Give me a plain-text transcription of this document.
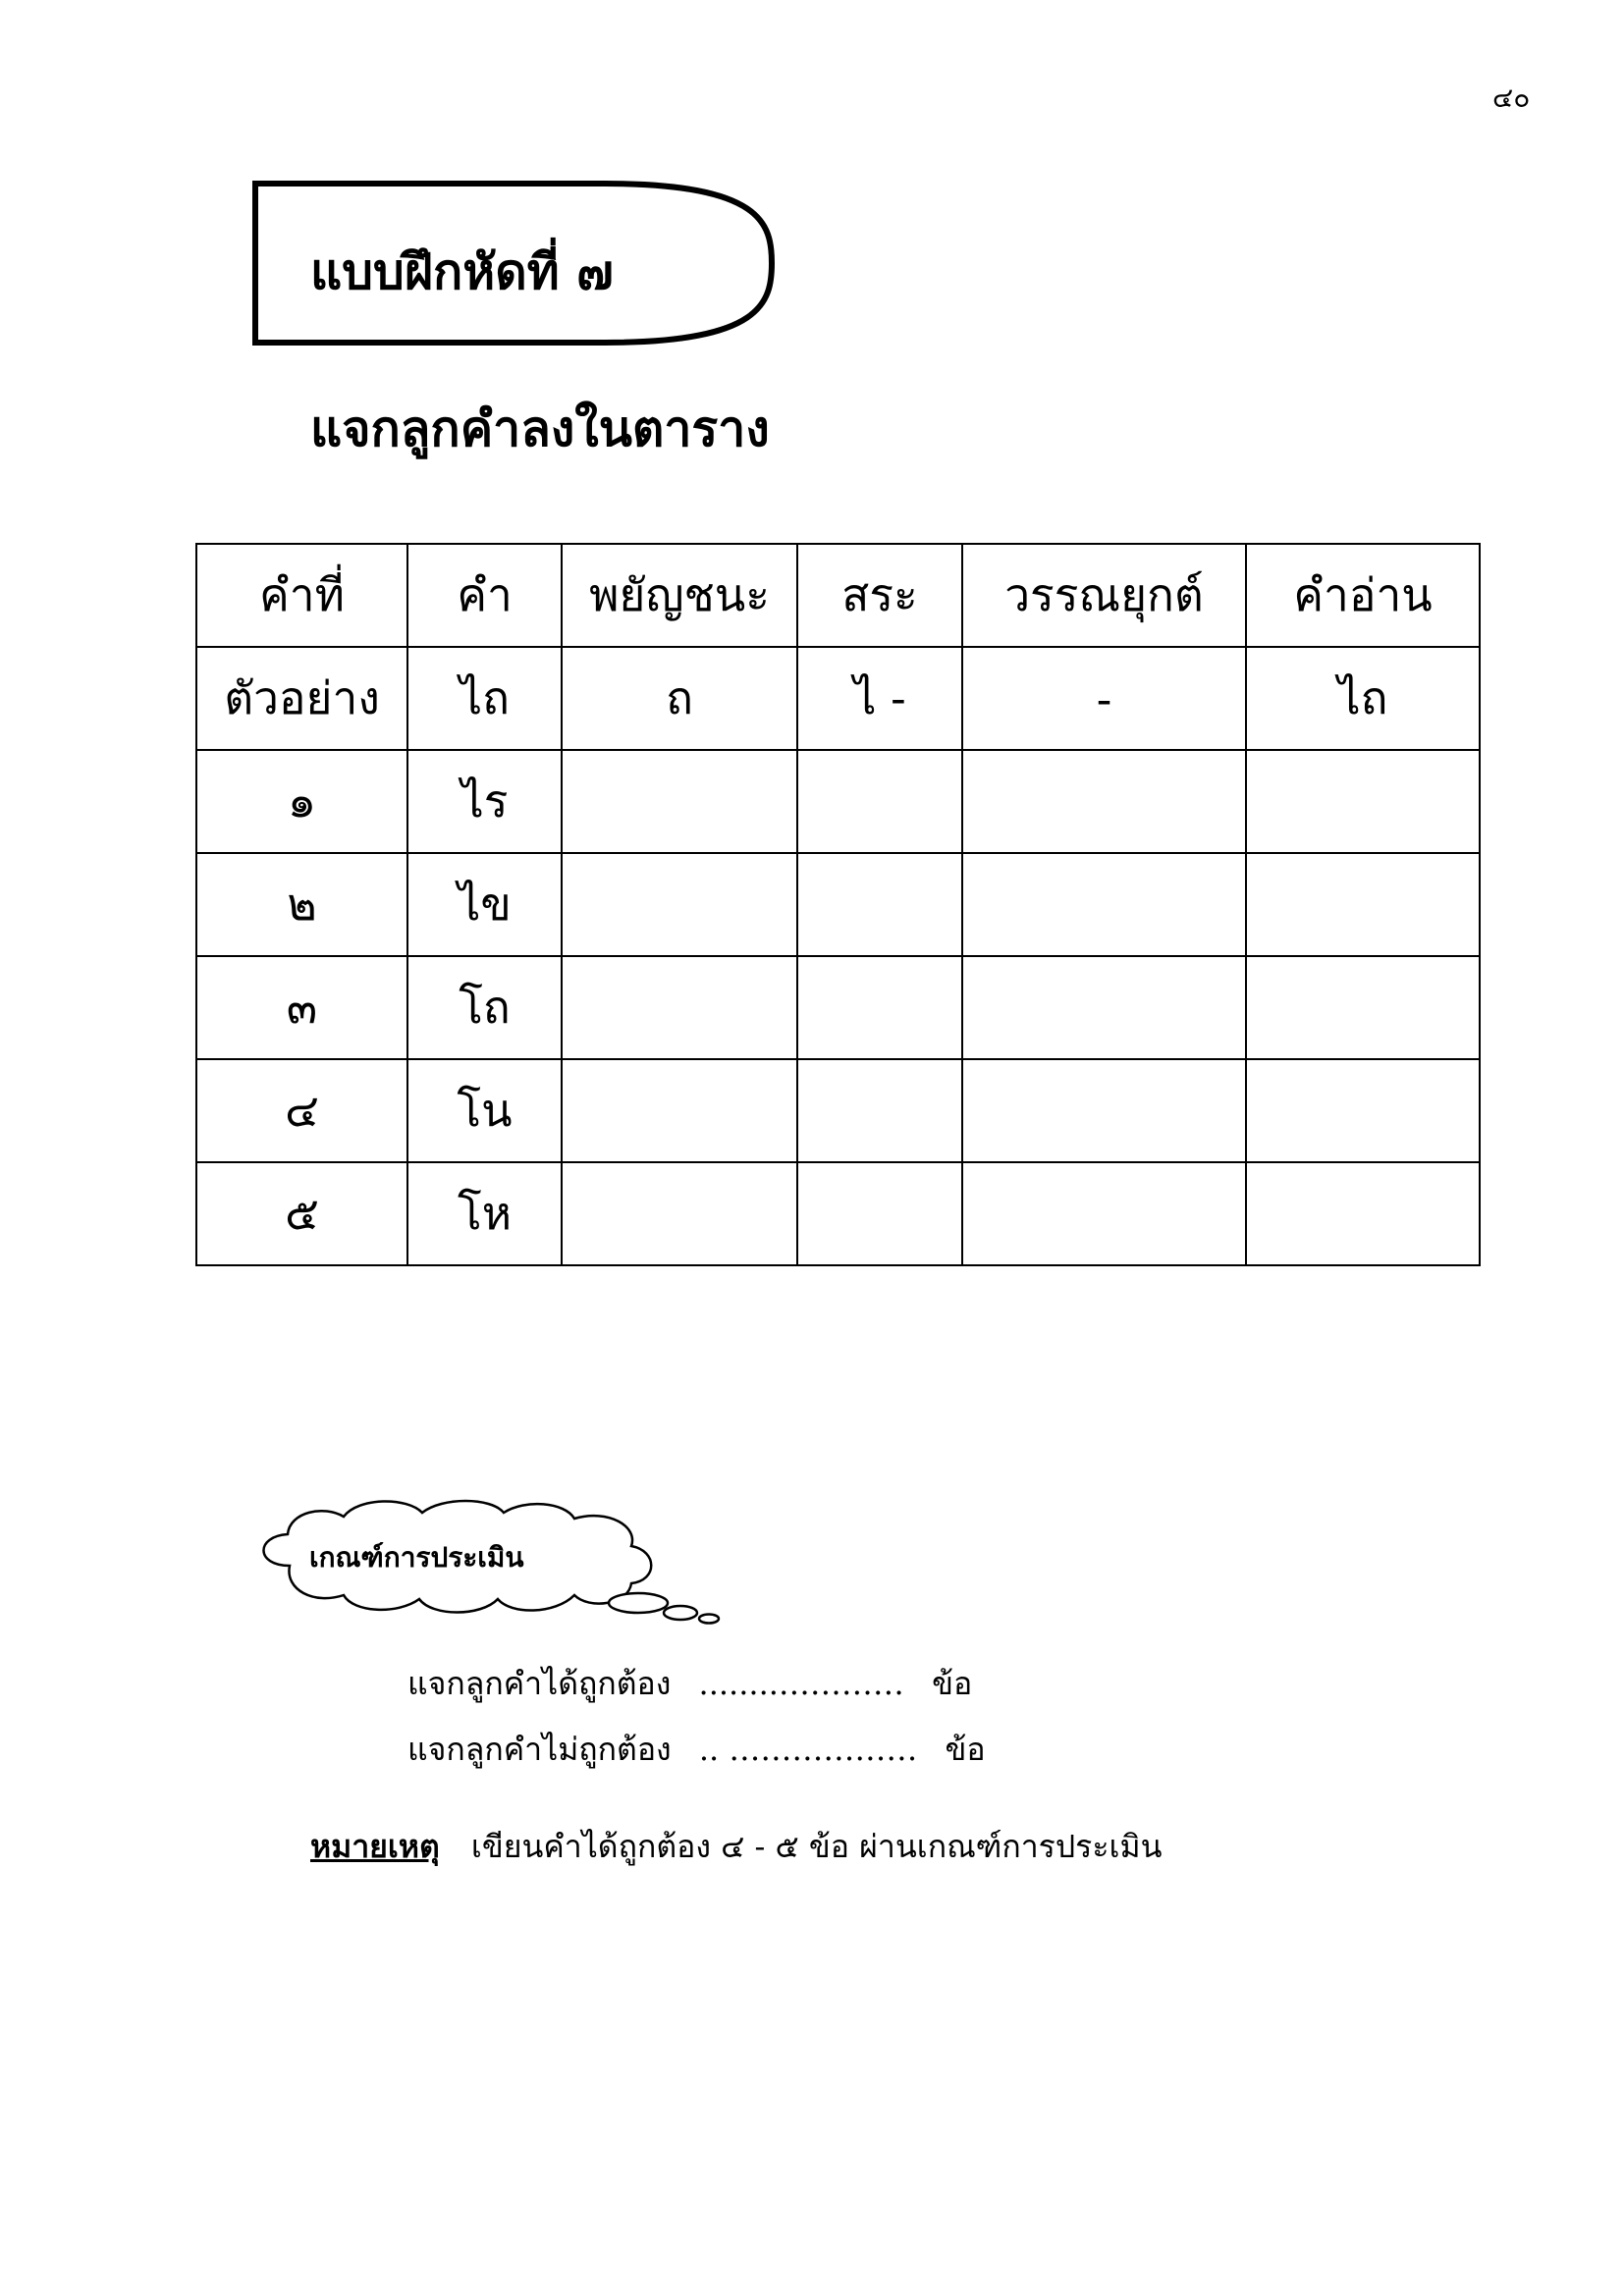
๔๐
แบบฝึกหัดที่ ๗
แจกลูกคำลงในตาราง
คำที่	คำ	พยัญชนะ	สระ	วรรณยุกต์	คำอ่าน
ตัวอย่าง	ไถ	ถ	ไ -	-	ไถ
๑	ไร				
๒	ไข				
๓	โถ				
๔	โน				
๕	โห				
เกณฑ์การประเมิน
แจกลูกคำได้ถูกต้อง ........………… ข้อ
แจกลูกคำไม่ถูกต้อง .. ……………… ข้อ
หมายเหตุ เขียนคำได้ถูกต้อง ๔ - ๕ ข้อ ผ่านเกณฑ์การประเมิน
